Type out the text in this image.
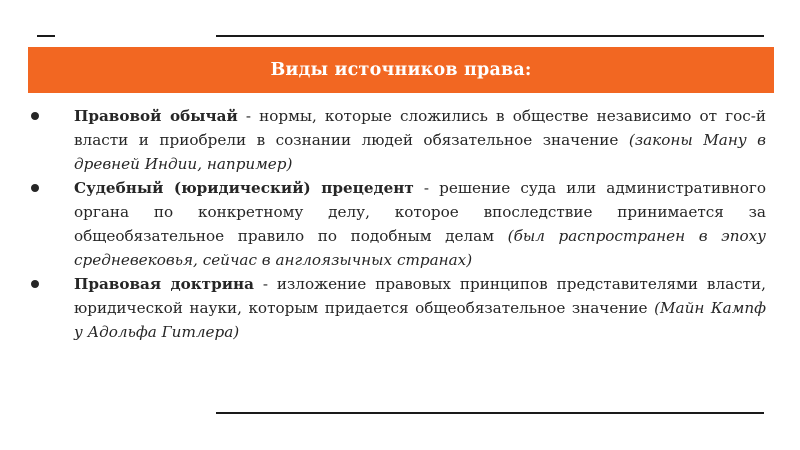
Виды источников права:
Правовой обычай - нормы, которые сложились в обществе независимо от гос-й власти и приобрели в сознании людей обязательное значение (законы Ману в древней Индии, например)
Судебный (юридический) прецедент - решение суда или административного органа по конкретному делу, которое впоследствие принимается за общеобязательное правило по подобным делам (был распространен в эпоху средневековья, сейчас в англоязычных странах)
Правовая доктрина - изложение правовых принципов представителями власти, юридической науки, которым придается общеобязательное значение (Майн Кампф у Адольфа Гитлера)
